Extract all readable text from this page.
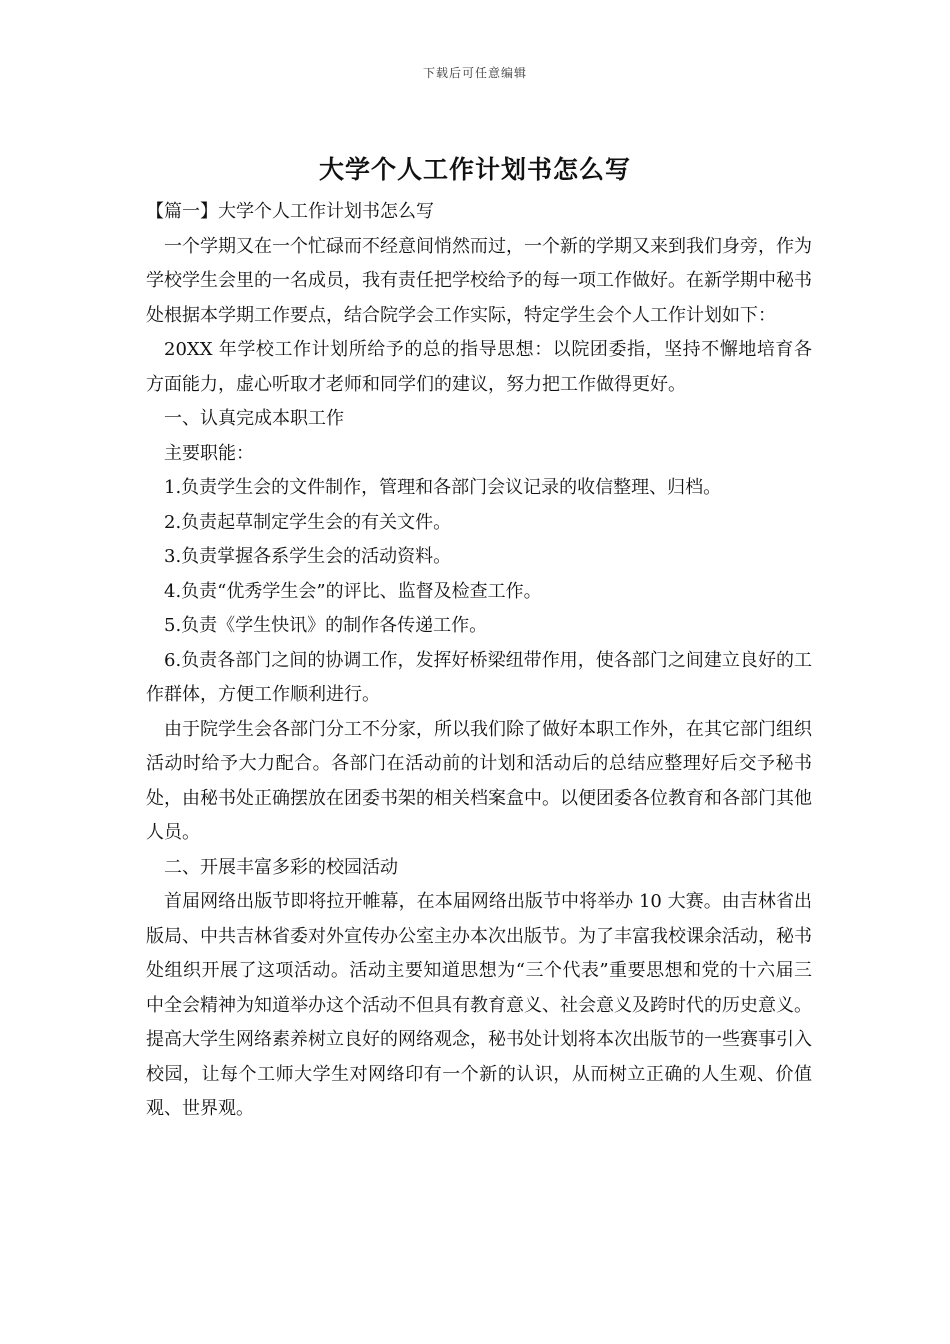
下载后可任意编辑
大学个人工作计划书怎么写

【篇一】大学个人工作计划书怎么写

一个学期又在一个忙碌而不经意间悄然而过，一个新的学期又来到我们身旁，作为学校学生会里的一名成员，我有责任把学校给予的每一项工作做好。在新学期中秘书处根据本学期工作要点，结合院学会工作实际，特定学生会个人工作计划如下：

20XX 年学校工作计划所给予的总的指导思想：以院团委指，坚持不懈地培育各方面能力，虚心听取才老师和同学们的建议，努力把工作做得更好。

一、认真完成本职工作

主要职能：

1.负责学生会的文件制作，管理和各部门会议记录的收信整理、归档。

2.负责起草制定学生会的有关文件。

3.负责掌握各系学生会的活动资料。

4.负责“优秀学生会”的评比、监督及检查工作。

5.负责《学生快讯》的制作各传递工作。

6.负责各部门之间的协调工作，发挥好桥梁纽带作用，使各部门之间建立良好的工作群体，方便工作顺利进行。

由于院学生会各部门分工不分家，所以我们除了做好本职工作外，在其它部门组织活动时给予大力配合。各部门在活动前的计划和活动后的总结应整理好后交予秘书处，由秘书处正确摆放在团委书架的相关档案盒中。以便团委各位教育和各部门其他人员。

二、开展丰富多彩的校园活动

首届网络出版节即将拉开帷幕，在本届网络出版节中将举办 10 大赛。由吉林省出版局、中共吉林省委对外宣传办公室主办本次出版节。为了丰富我校课余活动，秘书处组织开展了这项活动。活动主要知道思想为“三个代表”重要思想和党的十六届三中全会精神为知道举办这个活动不但具有教育意义、社会意义及跨时代的历史意义。提高大学生网络素养树立良好的网络观念，秘书处计划将本次出版节的一些赛事引入校园，让每个工师大学生对网络印有一个新的认识，从而树立正确的人生观、价值观、世界观。
